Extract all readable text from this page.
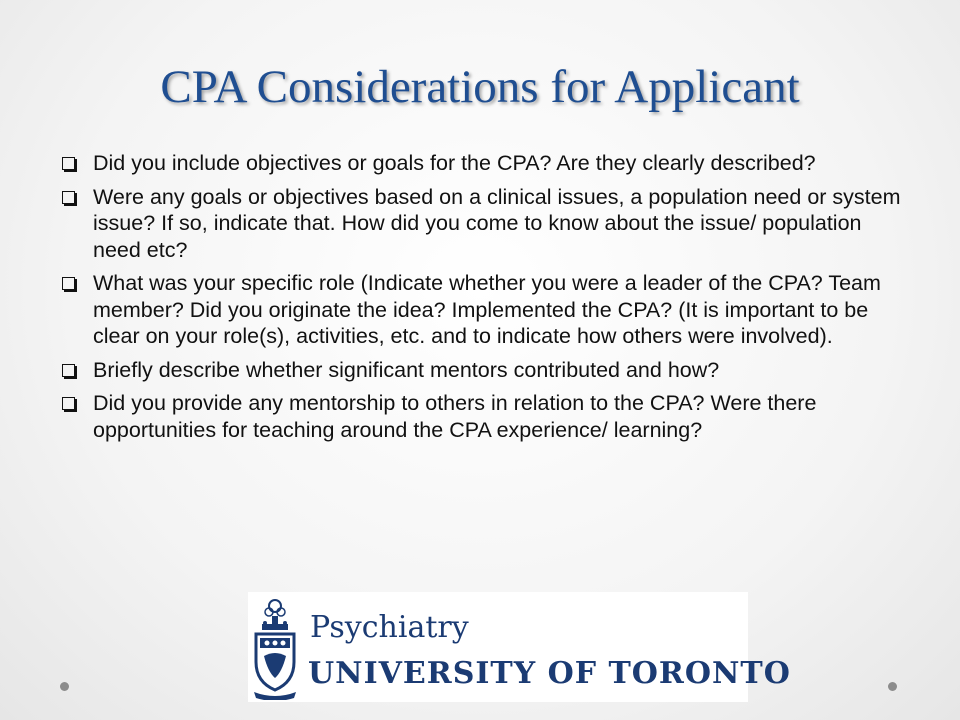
CPA Considerations for Applicant
Did you include objectives or goals for the CPA? Are they clearly described?
Were any goals or objectives based on a clinical issues, a population need or system issue? If so, indicate that. How did you come to know about the issue/ population need etc?
What was your specific role (Indicate whether you were a leader of the CPA? Team member? Did you originate the idea? Implemented the CPA? (It is important to be clear on your role(s), activities, etc. and to indicate how others were involved).
Briefly describe whether significant mentors contributed and how?
Did you provide any mentorship to others in relation to the CPA? Were there opportunities for teaching around the CPA experience/ learning?
Psychiatry
UNIVERSITY OF TORONTO
